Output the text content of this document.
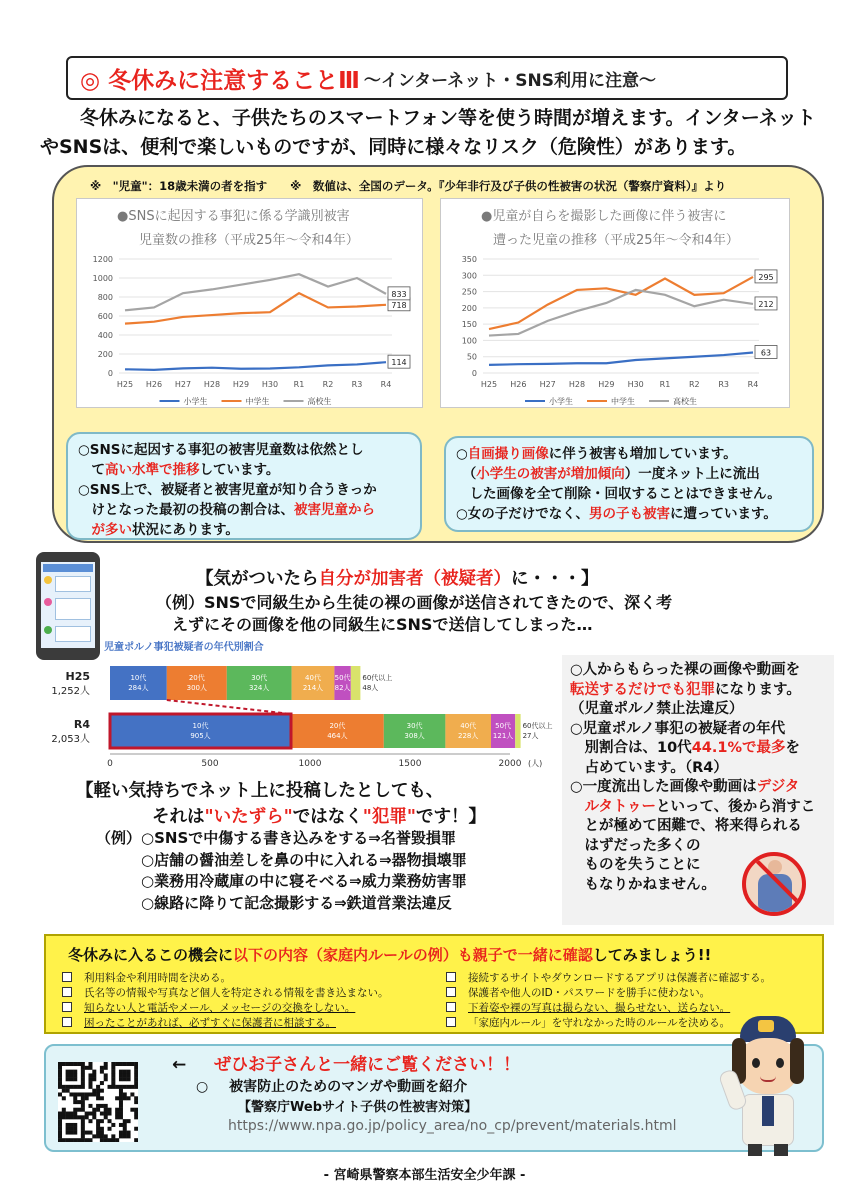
◎ 冬休みに注意することⅢ 〜インターネット・SNS利用に注意〜
冬休みになると、子供たちのスマートフォン等を使う時間が増えます。インターネットやSNSは、便利で楽しいものですが、同時に様々なリスク（危険性）があります。
※　"児童"：18歳未満の者を指す　　※　数値は、全国のデータ。『少年非行及び子供の性被害の状況（警察庁資料）』より
●SNSに起因する事犯に係る学識別被害
児童数の推移（平成25年〜令和4年）
0
200
400
600
800
1000
1200
H25 H26 H27 H28 H29 H30 R1 R2 R3 R4
114
718
833
小学生	中学生	高校生
●児童が自らを撮影した画像に伴う被害に
遭った児童の推移（平成25年〜令和4年）
0
50
100
150
200
250
300
350
H25 H26 H27 H28 H29 H30 R1 R2 R3 R4
63
295
212
小学生	中学生	高校生
○SNSに起因する事犯の被害児童数は依然とし
　て高い水準で推移しています。
○SNS上で、被疑者と被害児童が知り合うきっか
　けとなった最初の投稿の割合は、被害児童から
　が多い状況にあります。
○自画撮り画像に伴う被害も増加しています。
　（小学生の被害が増加傾向）一度ネット上に流出
　した画像を全て削除・回収することはできません。
○女の子だけでなく、男の子も被害に遭っています。
【気がついたら自分が加害者（被疑者）に・・・】
（例）SNSで同級生から生徒の裸の画像が送信されてきたので、深く考
えずにその画像を他の同級生にSNSで送信してしまった…
児童ポルノ事犯被疑者の年代別割合
H25
1,252人
10代
284人
20代
300人
30代
324人
40代
214人
50代
82人
60代以上
48人
R4
2,053人
10代
905人
20代
464人
30代
308人
40代
228人
50代
121人
60代以上
27人
0	500	1000	1500	2000 (人)
○人からもらった裸の画像や動画を
転送するだけでも犯罪になります。
（児童ポルノ禁止法違反）
○児童ポルノ事犯の被疑者の年代
　別割合は、10代44.1%で最多を
　占めています。（R4）
○一度流出した画像や動画はデジタ
　ルタトゥーといって、後から消すこ
　とが極めて困難で、将来得られる
　はずだった多くの
　ものを失うことに
　もなりかねません。
【軽い気持ちでネット上に投稿したとしても、
それは"いたずら"ではなく"犯罪"です！】
（例）○SNSで中傷する書き込みをする⇒名誉毀損罪
　　　○店舗の醤油差しを鼻の中に入れる⇒器物損壊罪
　　　○業務用冷蔵庫の中に寝そべる⇒威力業務妨害罪
　　　○線路に降りて記念撮影する⇒鉄道営業法違反
冬休みに入るこの機会に以下の内容（家庭内ルールの例）も親子で一緒に確認してみましょう!!
利用料金や利用時間を決める。
氏名等の情報や写真など個人を特定される情報を書き込まない。
知らない人と電話やメール、メッセージの交換をしない。
困ったことがあれば、必ずすぐに保護者に相談する。
接続するサイトやダウンロードするアプリは保護者に確認する。
保護者や他人のID・パスワードを勝手に使わない。
下着姿や裸の写真は撮らない、撮らせない、送らない。
「家庭内ルール」を守れなかった時のルールを決める。
← ぜひお子さんと一緒にご覧ください！！
○ 被害防止のためのマンガや動画を紹介
【警察庁Webサイト子供の性被害対策】
https://www.npa.go.jp/policy_area/no_cp/prevent/materials.html
- 宮崎県警察本部生活安全少年課 -
